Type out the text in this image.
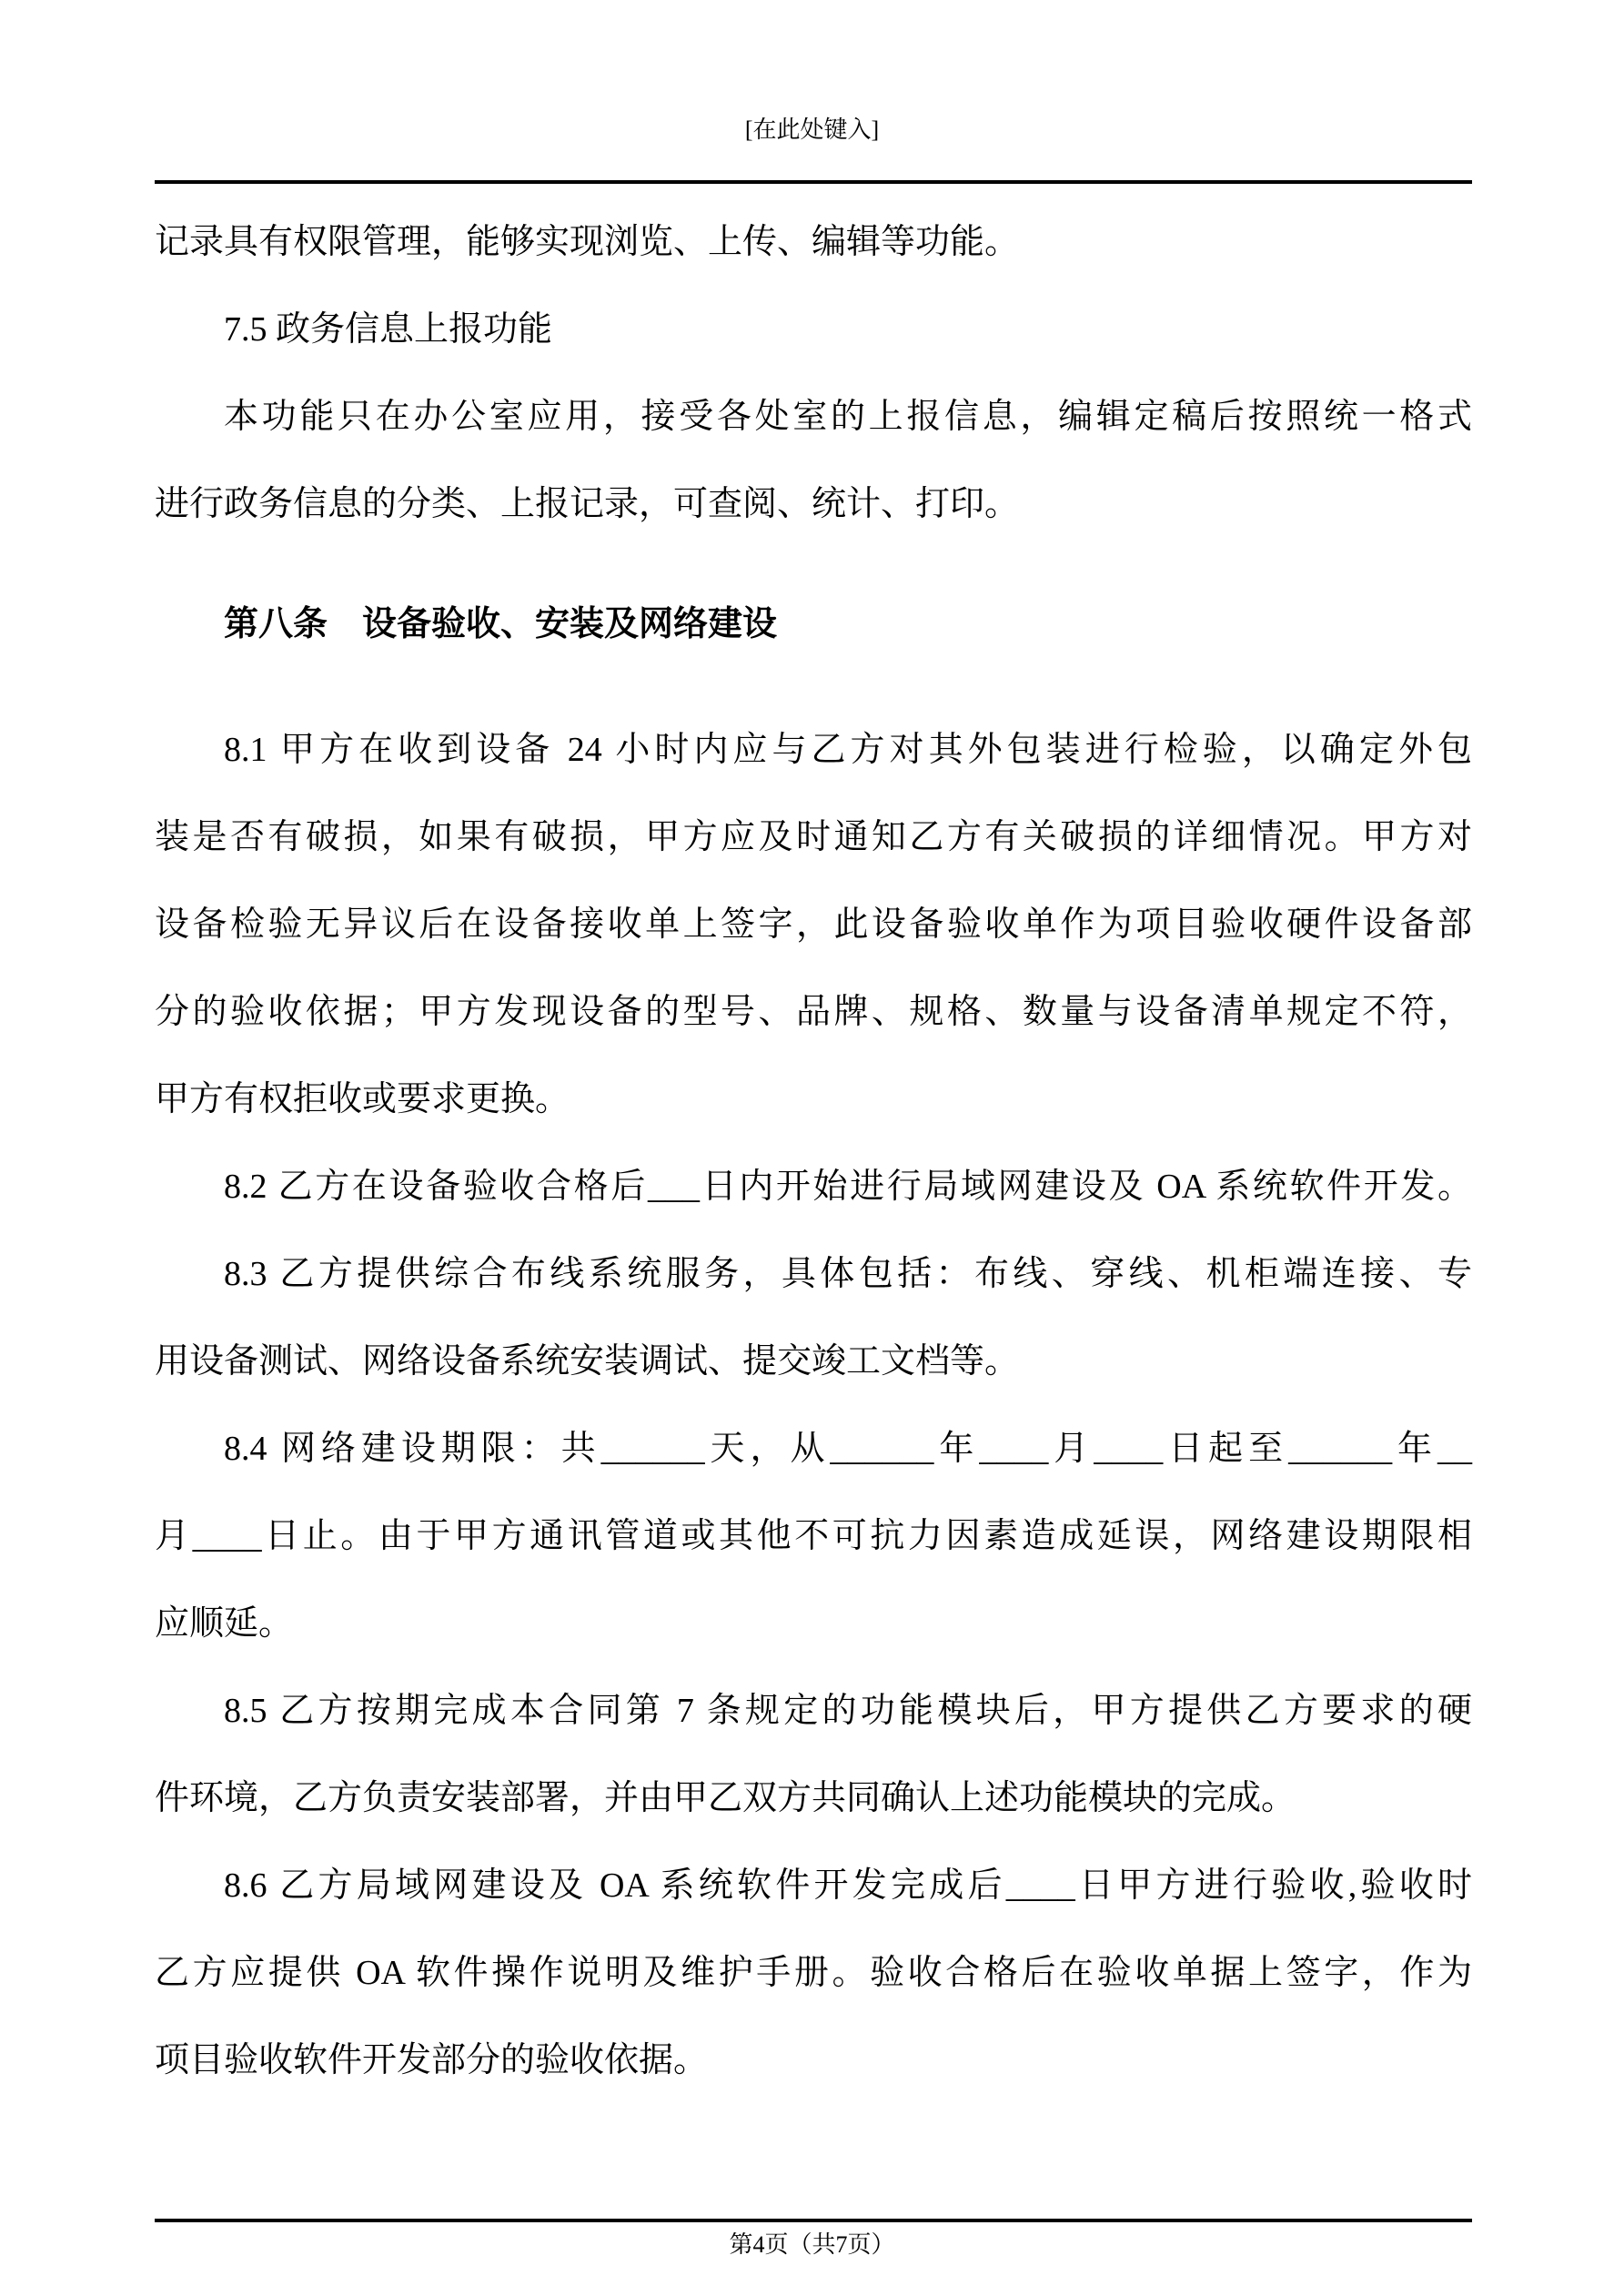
[在此处键入]
记录具有权限管理，能够实现浏览、上传、编辑等功能。
7.5 政务信息上报功能
本功能只在办公室应用，接受各处室的上报信息，编辑定稿后按照统一格式
进行政务信息的分类、上报记录，可查阅、统计、打印。
第八条　设备验收、安装及网络建设
8.1 甲方在收到设备 24 小时内应与乙方对其外包装进行检验，以确定外包
装是否有破损，如果有破损，甲方应及时通知乙方有关破损的详细情况。甲方对
设备检验无异议后在设备接收单上签字，此设备验收单作为项目验收硬件设备部
分的验收依据；甲方发现设备的型号、品牌、规格、数量与设备清单规定不符，
甲方有权拒收或要求更换。
8.2 乙方在设备验收合格后___日内开始进行局域网建设及 OA 系统软件开发。
8.3 乙方提供综合布线系统服务，具体包括：布线、穿线、机柜端连接、专
用设备测试、网络设备系统安装调试、提交竣工文档等。
8.4 网络建设期限：共______天，从______年____月____日起至______年__
月____日止。由于甲方通讯管道或其他不可抗力因素造成延误，网络建设期限相
应顺延。
8.5 乙方按期完成本合同第 7 条规定的功能模块后，甲方提供乙方要求的硬
件环境，乙方负责安装部署，并由甲乙双方共同确认上述功能模块的完成。
8.6 乙方局域网建设及 OA 系统软件开发完成后____日甲方进行验收,验收时
乙方应提供 OA 软件操作说明及维护手册。验收合格后在验收单据上签字，作为
项目验收软件开发部分的验收依据。
第4页（共7页）
